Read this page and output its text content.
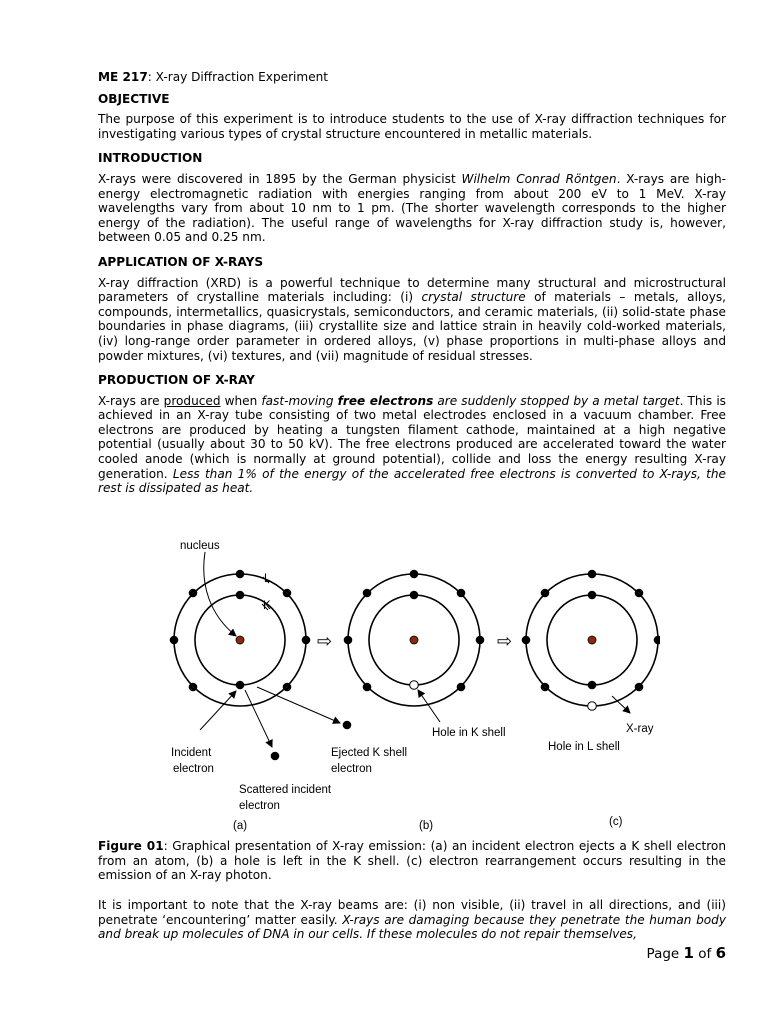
ME 217: X-ray Diffraction Experiment

OBJECTIVE

The purpose of this experiment is to introduce students to the use of X-ray diffraction techniques for investigating various types of crystal structure encountered in metallic materials.

INTRODUCTION

X-rays were discovered in 1895 by the German physicist Wilhelm Conrad Röntgen. X-rays are high-energy electromagnetic radiation with energies ranging from about 200 eV to 1 MeV. X-ray wavelengths vary from about 10 nm to 1 pm. (The shorter wavelength corresponds to the higher energy of the radiation). The useful range of wavelengths for X-ray diffraction study is, however, between 0.05 and 0.25 nm.

APPLICATION OF X-RAYS

X-ray diffraction (XRD) is a powerful technique to determine many structural and microstructural parameters of crystalline materials including: (i) crystal structure of materials – metals, alloys, compounds, intermetallics, quasicrystals, semiconductors, and ceramic materials, (ii) solid-state phase boundaries in phase diagrams, (iii) crystallite size and lattice strain in heavily cold-worked materials, (iv) long-range order parameter in ordered alloys, (v) phase proportions in multi-phase alloys and powder mixtures, (vi) textures, and (vii) magnitude of residual stresses.

PRODUCTION OF X-RAY

X-rays are produced when fast-moving free electrons are suddenly stopped by a metal target. This is achieved in an X-ray tube consisting of two metal electrodes enclosed in a vacuum chamber. Free electrons are produced by heating a tungsten filament cathode, maintained at a high negative potential (usually about 30 to 50 kV). The free electrons produced are accelerated toward the water cooled anode (which is normally at ground potential), collide and loss the energy resulting X-ray generation. Less than 1% of the energy of the accelerated free electrons is converted to X-rays, the rest is dissipated as heat.

nucleus
L
K
Incident
electron
Scattered incident
electron
Ejected K shell
electron
(a)
⇨
Hole in K shell
(b)
⇨
X-ray
Hole in L shell
(c)

Figure 01: Graphical presentation of X-ray emission: (a) an incident electron ejects a K shell electron from an atom, (b) a hole is left in the K shell. (c) electron rearrangement occurs resulting in the emission of an X-ray photon.

It is important to note that the X-ray beams are: (i) non visible, (ii) travel in all directions, and (iii) penetrate ‘encountering’ matter easily. X-rays are damaging because they penetrate the human body and break up molecules of DNA in our cells. If these molecules do not repair themselves,

Page 1 of 6
